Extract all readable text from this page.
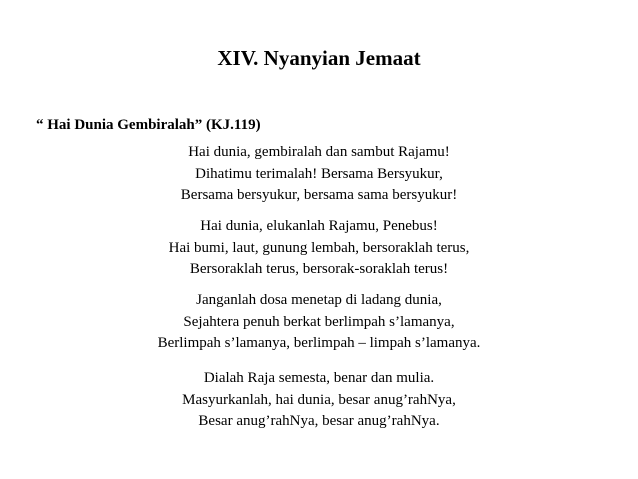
XIV. Nyanyian Jemaat

“ Hai Dunia Gembiralah” (KJ.119)

Hai dunia, gembiralah dan sambut Rajamu!
Dihatimu terimalah! Bersama Bersyukur,
Bersama bersyukur, bersama sama bersyukur!
Hai dunia, elukanlah Rajamu, Penebus!
Hai bumi, laut, gunung lembah, bersoraklah terus,
Bersoraklah terus, bersorak-soraklah terus!
Janganlah dosa menetap di ladang dunia,
Sejahtera penuh berkat berlimpah s’lamanya,
Berlimpah s’lamanya, berlimpah – limpah s’lamanya.
Dialah Raja semesta, benar dan mulia.
Masyurkanlah, hai dunia, besar anug’rahNya,
Besar anug’rahNya, besar anug’rahNya.
